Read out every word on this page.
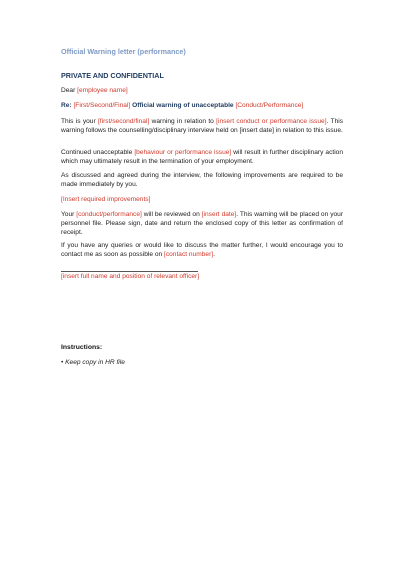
Official Warning letter (performance)
PRIVATE AND CONFIDENTIAL
Dear [employee name]
Re: [First/Second/Final] Official warning of unacceptable [Conduct/Performance]
This is your [first/second/final] warning in relation to [insert conduct or performance issue]. This warning follows the counselling/disciplinary interview held on [insert date] in relation to this issue.
Continued unacceptable [behaviour or performance issue] will result in further disciplinary action which may ultimately result in the termination of your employment.
As discussed and agreed during the interview, the following improvements are required to be made immediately by you.
[Insert required improvements]
Your [conduct/performance] will be reviewed on [insert date]. This warning will be placed on your personnel file. Please sign, date and return the enclosed copy of this letter as confirmation of receipt.
If you have any queries or would like to discuss the matter further, I would encourage you to contact me as soon as possible on [contact number].
[insert full name and position of relevant officer]
Instructions:
• Keep copy in HR file
